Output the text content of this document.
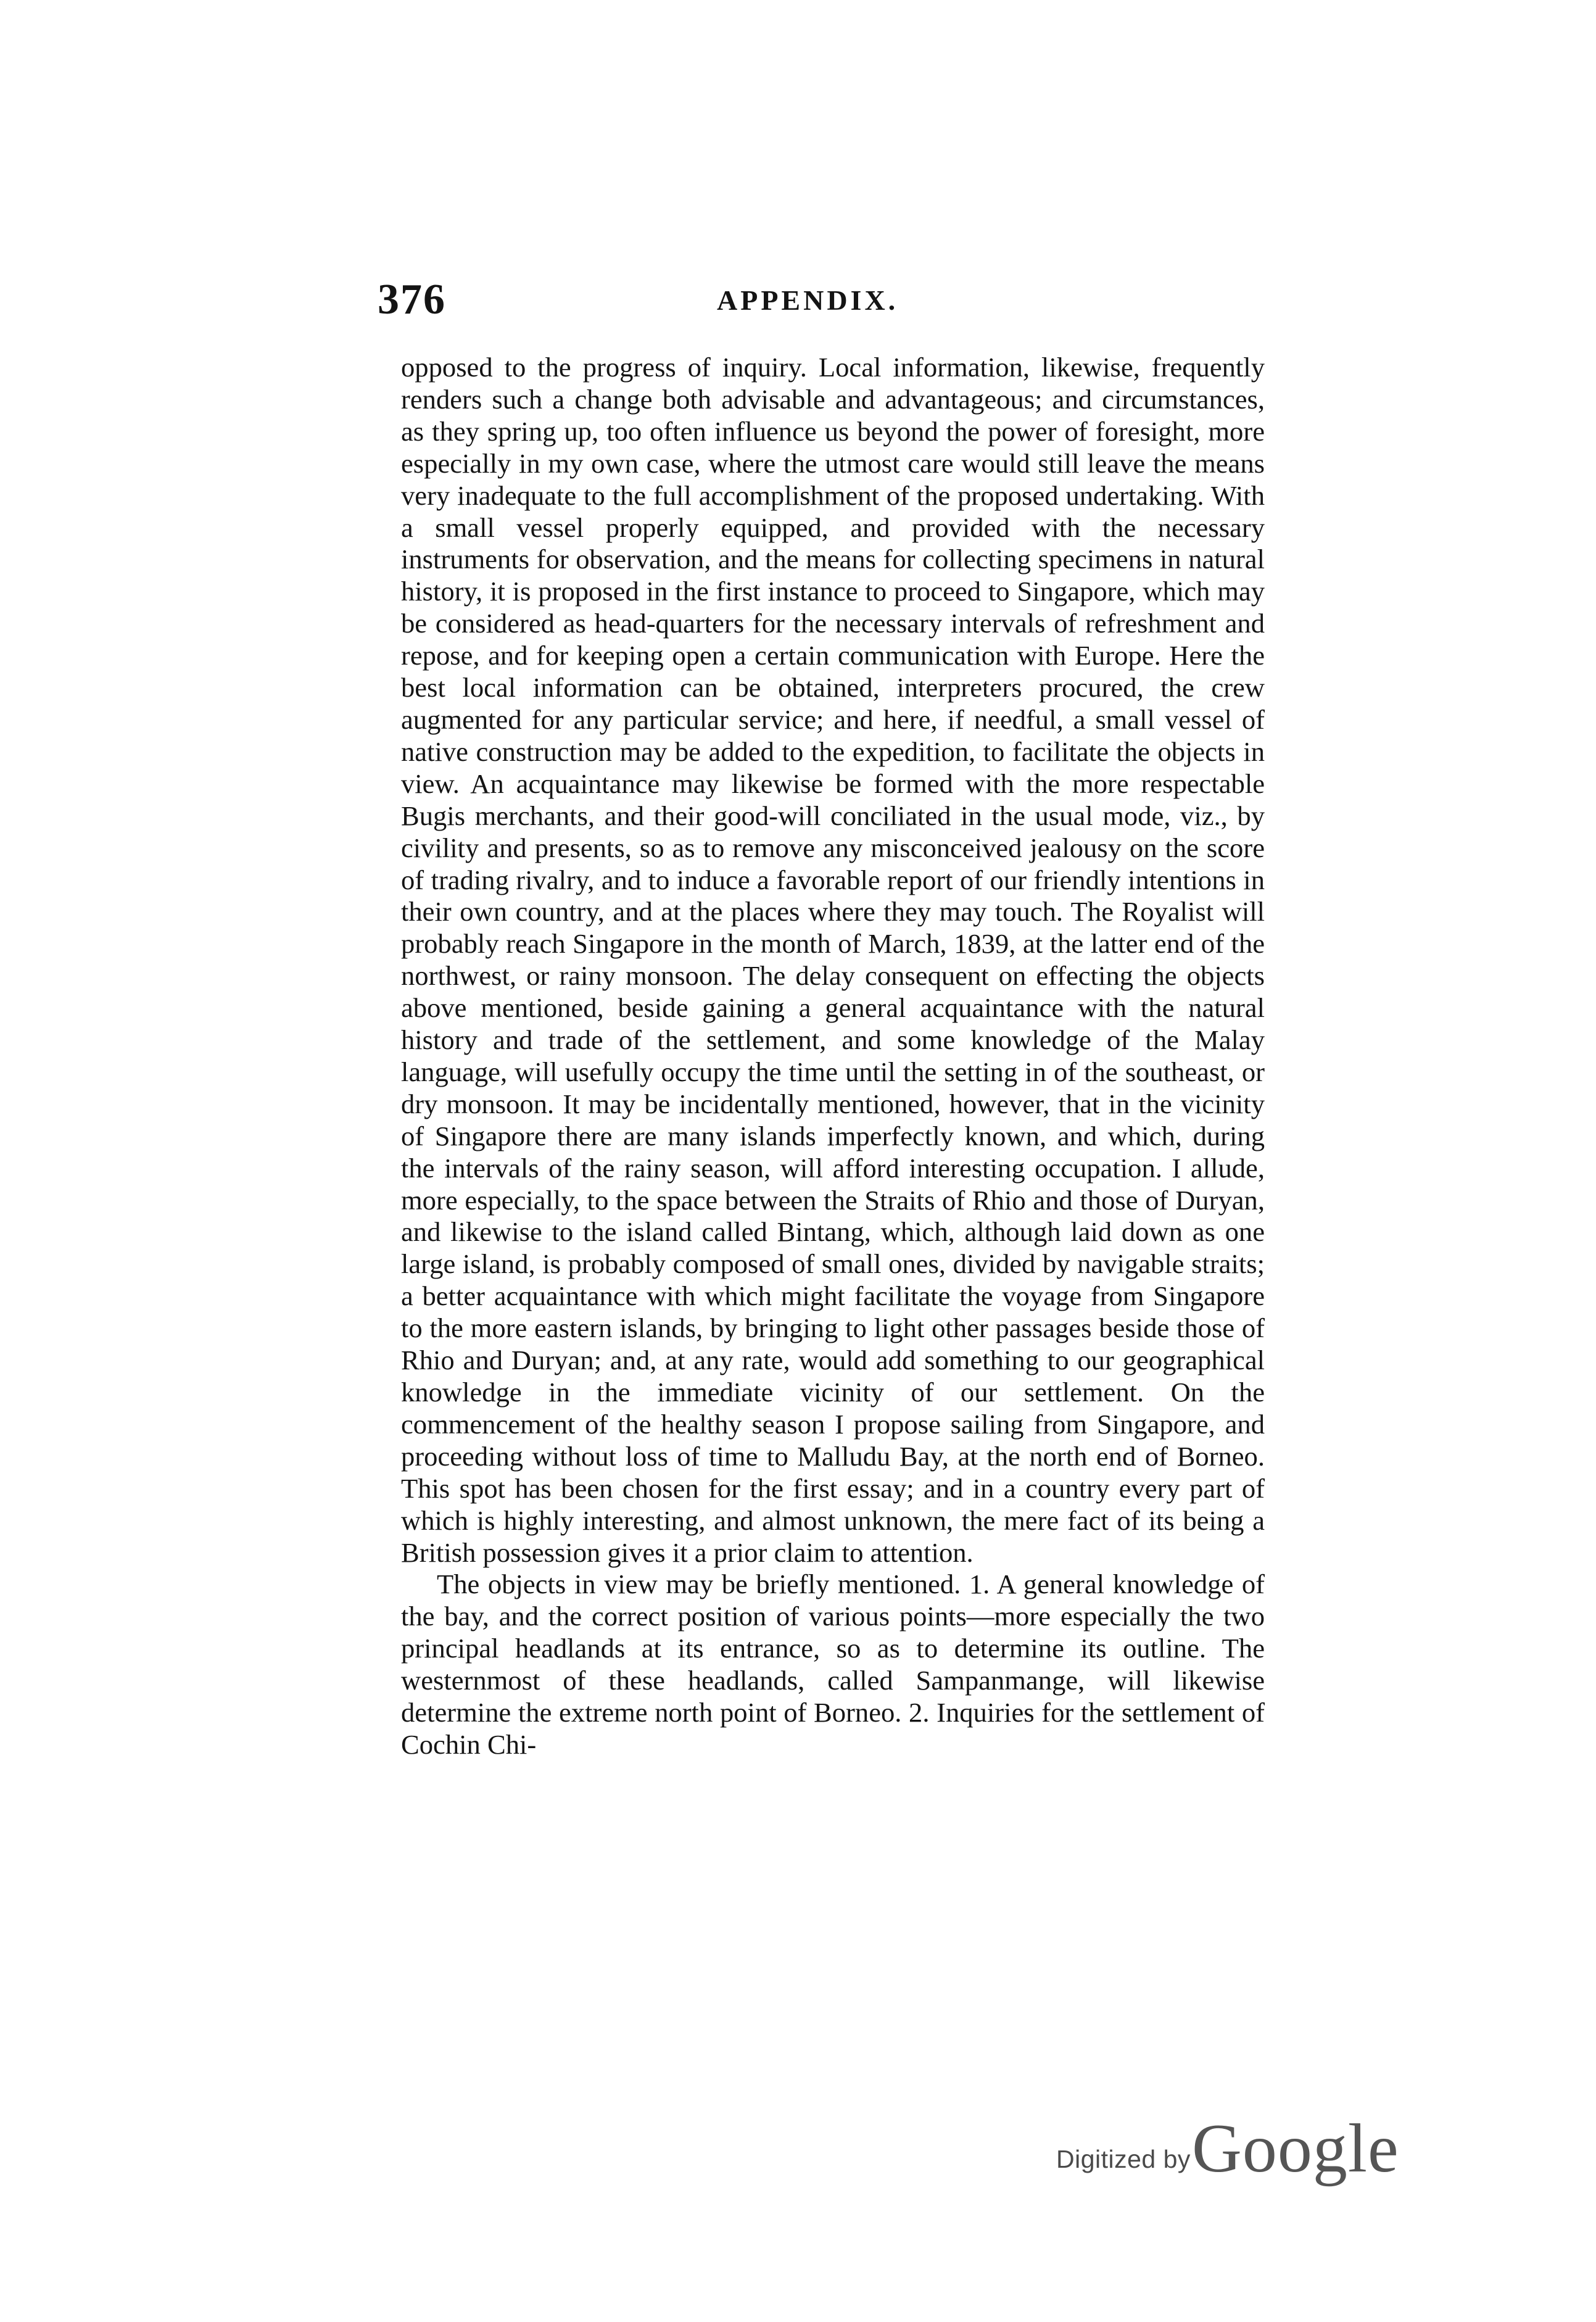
376	APPENDIX.

opposed to the progress of inquiry. Local information, likewise, frequently renders such a change both advisable and advantageous; and circumstances, as they spring up, too often influence us beyond the power of foresight, more especially in my own case, where the utmost care would still leave the means very inadequate to the full accomplishment of the proposed undertaking. With a small vessel properly equipped, and provided with the necessary instruments for observation, and the means for collecting specimens in natural history, it is proposed in the first instance to proceed to Singapore, which may be considered as head-quarters for the necessary intervals of refreshment and repose, and for keeping open a certain communication with Europe. Here the best local information can be obtained, interpreters procured, the crew augmented for any particular service; and here, if needful, a small vessel of native construction may be added to the expedition, to facilitate the objects in view. An acquaintance may likewise be formed with the more respectable Bugis merchants, and their good-will conciliated in the usual mode, viz., by civility and presents, so as to remove any misconceived jealousy on the score of trading rivalry, and to induce a favorable report of our friendly intentions in their own country, and at the places where they may touch. The Royalist will probably reach Singapore in the month of March, 1839, at the latter end of the northwest, or rainy monsoon. The delay consequent on effecting the objects above mentioned, beside gaining a general acquaintance with the natural history and trade of the settlement, and some knowledge of the Malay language, will usefully occupy the time until the setting in of the southeast, or dry monsoon. It may be incidentally mentioned, however, that in the vicinity of Singapore there are many islands imperfectly known, and which, during the intervals of the rainy season, will afford interesting occupation. I allude, more especially, to the space between the Straits of Rhio and those of Duryan, and likewise to the island called Bintang, which, although laid down as one large island, is probably composed of small ones, divided by navigable straits; a better acquaintance with which might facilitate the voyage from Singapore to the more eastern islands, by bringing to light other passages beside those of Rhio and Duryan; and, at any rate, would add something to our geographical knowledge in the immediate vicinity of our settlement. On the commencement of the healthy season I propose sailing from Singapore, and proceeding without loss of time to Malludu Bay, at the north end of Borneo. This spot has been chosen for the first essay; and in a country every part of which is highly interesting, and almost unknown, the mere fact of its being a British possession gives it a prior claim to attention.

The objects in view may be briefly mentioned. 1. A general knowledge of the bay, and the correct position of various points—more especially the two principal headlands at its entrance, so as to determine its outline. The westernmost of these headlands, called Sampanmange, will likewise determine the extreme north point of Borneo. 2. Inquiries for the settlement of Cochin Chi-

Digitized by Google
